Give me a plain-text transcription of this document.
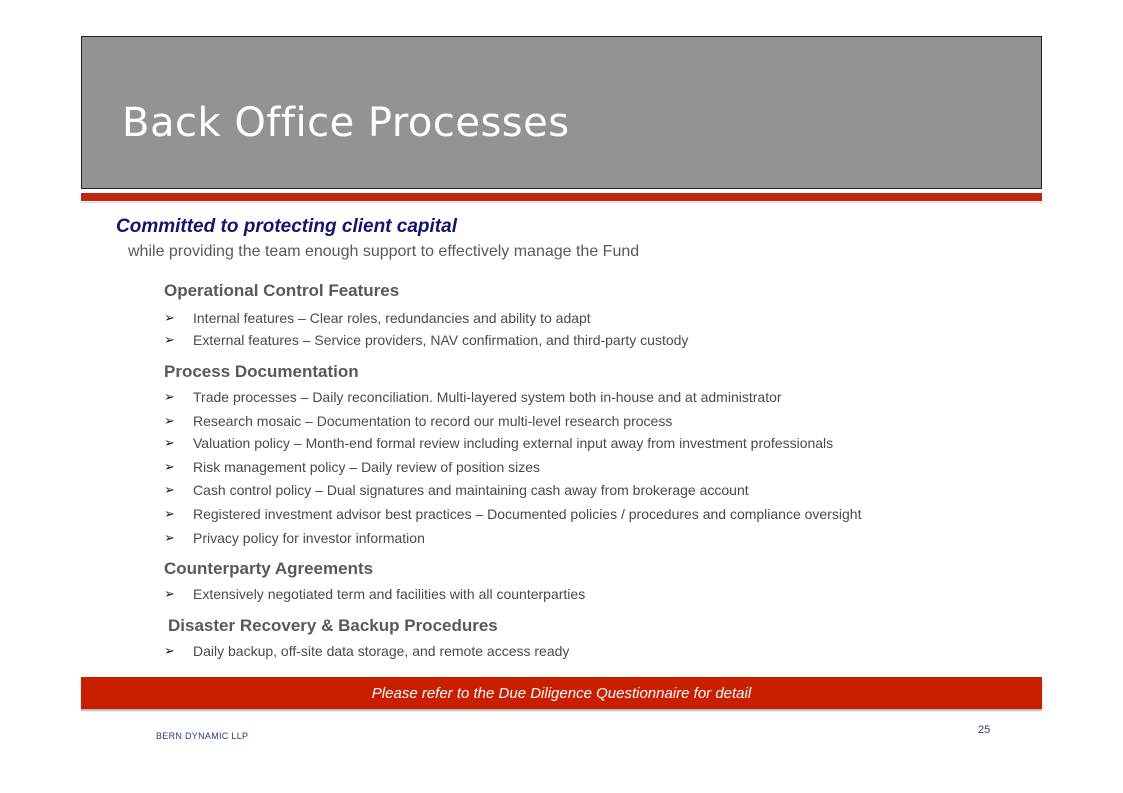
Back Office Processes
Committed to protecting client capital
while providing the team enough support to effectively manage the Fund
Operational Control Features
➢	Internal features – Clear roles, redundancies and ability to adapt
➢	External features – Service providers, NAV confirmation, and third-party custody
Process Documentation
➢	Trade processes – Daily reconciliation. Multi-layered system both in-house and at administrator
➢	Research mosaic – Documentation to record our multi-level research process
➢	Valuation policy – Month-end formal review including external input away from investment professionals
➢	Risk management policy – Daily review of position sizes
➢	Cash control policy – Dual signatures and maintaining cash away from brokerage account
➢	Registered investment advisor best practices – Documented policies / procedures and compliance oversight
➢	Privacy policy for investor information
Counterparty Agreements
➢	Extensively negotiated term and facilities with all counterparties
Disaster Recovery & Backup Procedures
➢	Daily backup, off-site data storage, and remote access ready
Please refer to the Due Diligence Questionnaire for detail
BERN DYNAMIC LLP	25
